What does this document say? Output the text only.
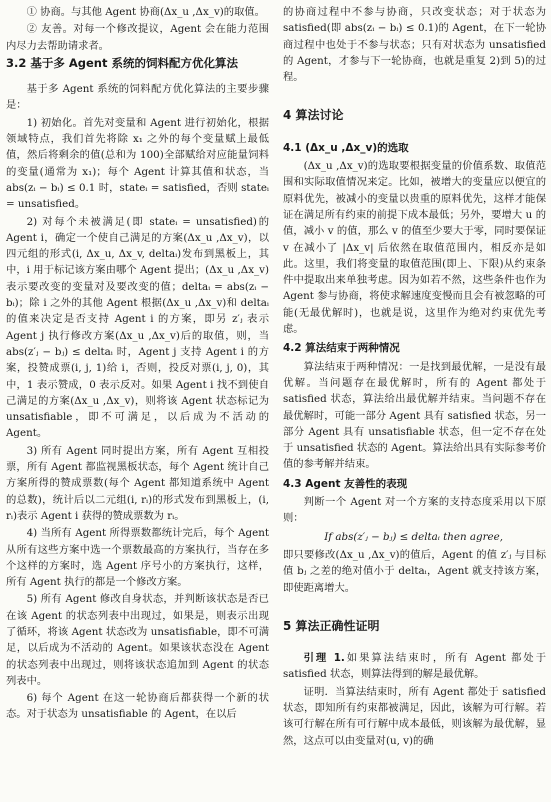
① 协商。与其他 Agent 协商(Δx_u ,Δx_v)的取值。

② 友善。对每一个修改提议，Agent 会在能力范围内尽力去帮助请求者。

3.2 基于多 Agent 系统的饲料配方优化算法

基于多 Agent 系统的饲料配方优化算法的主要步骤是：

1) 初始化。首先对变量和 Agent 进行初始化，根据领域特点，我们首先将除 x₁ 之外的每个变量赋上最低值，然后将剩余的值(总和为 100)全部赋给对应能量饲料的变量(通常为 x₁)；每个 Agent 计算其值和状态，当 abs(zᵢ − bᵢ) ≤ 0.1 时，stateᵢ = satisfied，否则 stateᵢ = unsatisfied。

2) 对每个未被满足(即 stateᵢ = unsatisfied)的 Agent i，确定一个使自己满足的方案(Δx_u ,Δx_v)，以四元组的形式(i, Δx_u, Δx_v, deltaᵢ)发布到黑板上，其中，i 用于标记该方案由哪个 Agent 提出；(Δx_u ,Δx_v)表示要改变的变量对及要改变的值；deltaᵢ = abs(zᵢ − bᵢ)；除 i 之外的其他 Agent 根据(Δx_u ,Δx_v)和 deltaᵢ 的值来决定是否支持 Agent i 的方案，即另 z′ⱼ 表示 Agent j 执行修改方案(Δx_u ,Δx_v)后的取值，则，当 abs(z′ⱼ − bⱼ) ≤ deltaᵢ 时，Agent j 支持 Agent i 的方案，投赞成票(i, j, 1)给 i，否则，投反对票(i, j, 0)，其中，1 表示赞成，0 表示反对。如果 Agent i 找不到使自己满足的方案(Δx_u ,Δx_v)，则将该 Agent 状态标记为 unsatisfiable，即不可满足，以后成为不活动的 Agent。

3) 所有 Agent 同时提出方案，所有 Agent 互相投票，所有 Agent 都监视黑板状态，每个 Agent 统计自己方案所得的赞成票数(每个 Agent 都知道系统中 Agent 的总数)，统计后以二元组(i, rᵢ)的形式发布到黑板上，(i, rᵢ)表示 Agent i 获得的赞成票数为 rᵢ。

4) 当所有 Agent 所得票数都统计完后，每个 Agent 从所有这些方案中选一个票数最高的方案执行，当存在多个这样的方案时，选 Agent 序号小的方案执行，这样，所有 Agent 执行的都是一个修改方案。

5) 所有 Agent 修改自身状态，并判断该状态是否已在该 Agent 的状态列表中出现过，如果是，则表示出现了循环，将该 Agent 状态改为 unsatisfiable，即不可满足，以后成为不活动的 Agent。如果该状态没在 Agent 的状态列表中出现过，则将该状态追加到 Agent 的状态列表中。

6) 每个 Agent 在这一轮协商后都获得一个新的状态。对于状态为 unsatisfiable 的 Agent，在以后

的协商过程中不参与协商，只改变状态；对于状态为 satisfied(即 abs(zᵢ − bᵢ) ≤ 0.1)的 Agent，在下一轮协商过程中也处于不参与状态；只有对状态为 unsatisfied 的 Agent，才参与下一轮协商，也就是重复 2)到 5)的过程。

4 算法讨论
4.1 (Δx_u ,Δx_v)的选取

(Δx_u ,Δx_v)的选取要根据变量的价值系数、取值范围和实际取值情况来定。比如，被增大的变量应以便宜的原料优先，被减小的变量以贵重的原料优先，这样才能保证在满足所有约束的前提下成本最低；另外，要增大 u 的值，减小 v 的值，那么 v 的值至少要大于零，同时要保证 v 在减小了 |Δx_v| 后依然在取值范围内，相反亦是如此。这里，我们将变量的取值范围(即上、下限)从约束条件中提取出来单独考虑。因为如若不然，这些条件也作为 Agent 参与协商，将使求解速度变慢而且会有被忽略的可能(无最优解时)，也就是说，这里作为绝对约束优先考虑。

4.2 算法结束于两种情况

算法结束于两种情况：一是找到最优解，一是没有最优解。当问题存在最优解时，所有的 Agent 都处于 satisfied 状态，算法给出最优解并结束。当问题不存在最优解时，可能一部分 Agent 具有 satisfied 状态，另一部分 Agent 具有 unsatisfiable 状态，但一定不存在处于 unsatisfied 状态的 Agent。算法给出具有实际参考价值的参考解并结束。

4.3 Agent 友善性的表现

判断一个 Agent 对一个方案的支持态度采用以下原则：

If abs(z′ⱼ − bⱼ) ≤ deltaᵢ then agree,

即只要修改(Δx_u ,Δx_v)的值后，Agent 的值 z′ⱼ 与目标值 bⱼ 之差的绝对值小于 deltaᵢ，Agent 就支持该方案，即使距离增大。

5 算法正确性证明

引理 1.如果算法结束时，所有 Agent 都处于 satisfied 状态，则算法得到的解是最优解。

证明．当算法结束时，所有 Agent 都处于 satisfied 状态，即知所有约束都被满足，因此，该解为可行解。若该可行解在所有可行解中成本最低，则该解为最优解，显然，这点可以由变量对(u, v)的确
